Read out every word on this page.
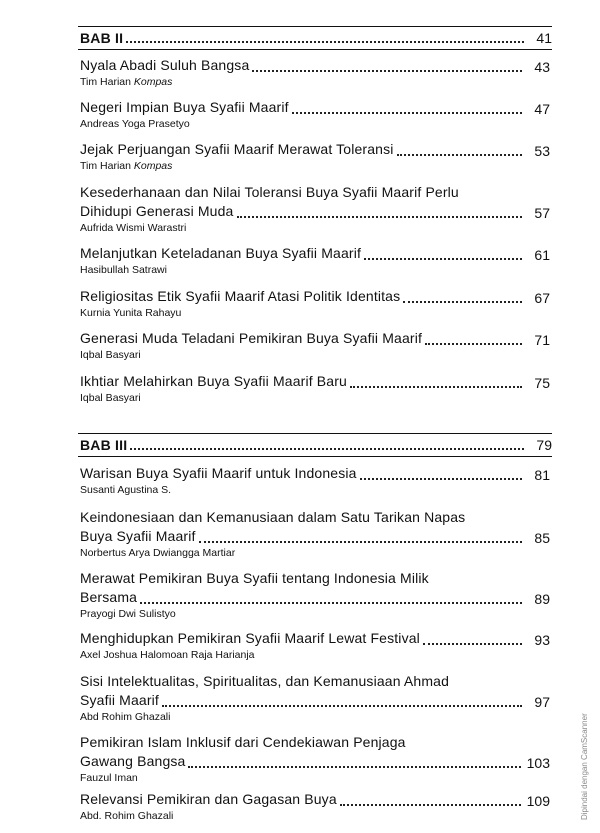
BAB II	41
Nyala Abadi Suluh Bangsa	43
Tim Harian Kompas
Negeri Impian Buya Syafii Maarif	47
Andreas Yoga Prasetyo
Jejak Perjuangan Syafii Maarif Merawat Toleransi	53
Tim Harian Kompas
Kesederhanaan dan Nilai Toleransi Buya Syafii Maarif Perlu
Dihidupi Generasi Muda	57
Aufrida Wismi Warastri
Melanjutkan Keteladanan Buya Syafii Maarif	61
Hasibullah Satrawi
Religiositas Etik Syafii Maarif Atasi Politik Identitas	67
Kurnia Yunita Rahayu
Generasi Muda Teladani Pemikiran Buya Syafii Maarif	71
Iqbal Basyari
Ikhtiar Melahirkan Buya Syafii Maarif Baru	75
Iqbal Basyari
BAB III	79
Warisan Buya Syafii Maarif untuk Indonesia	81
Susanti Agustina S.
Keindonesiaan dan Kemanusiaan dalam Satu Tarikan Napas
Buya Syafii Maarif	85
Norbertus Arya Dwiangga Martiar
Merawat Pemikiran Buya Syafii tentang Indonesia Milik
Bersama	89
Prayogi Dwi Sulistyo
Menghidupkan Pemikiran Syafii Maarif Lewat Festival	93
Axel Joshua Halomoan Raja Harianja
Sisi Intelektualitas, Spiritualitas, dan Kemanusiaan Ahmad
Syafii Maarif	97
Abd Rohim Ghazali
Pemikiran Islam Inklusif dari Cendekiawan Penjaga
Gawang Bangsa	103
Fauzul Iman
Relevansi Pemikiran dan Gagasan Buya	109
Abd. Rohim Ghazali	Dipindai dengan CamScanner
